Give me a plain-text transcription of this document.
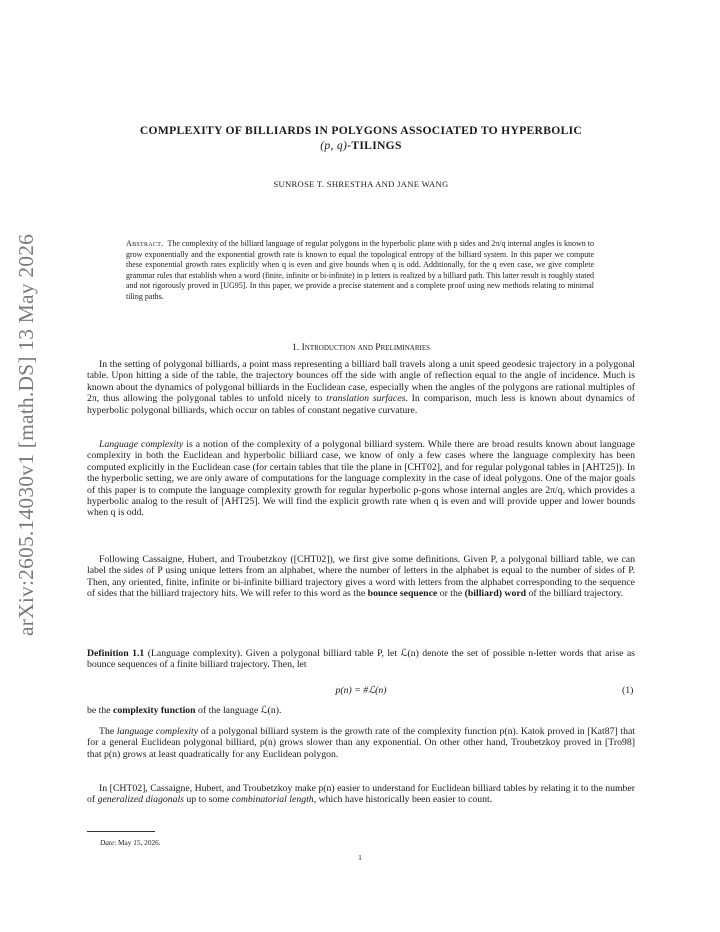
arXiv:2605.14030v1 [math.DS] 13 May 2026
COMPLEXITY OF BILLIARDS IN POLYGONS ASSOCIATED TO HYPERBOLIC
(p, q)-TILINGS
SUNROSE T. SHRESTHA AND JANE WANG
Abstract. The complexity of the billiard language of regular polygons in the hyperbolic plane with p sides and 2π/q internal angles is known to grow exponentially and the exponential growth rate is known to equal the topological entropy of the billiard system. In this paper we compute these exponential growth rates explicitly when q is even and give bounds when q is odd. Additionally, for the q even case, we give complete grammar rules that establish when a word (finite, infinite or bi-infinite) in p letters is realized by a billiard path. This latter result is roughly stated and not rigorously proved in [UG95]. In this paper, we provide a precise statement and a complete proof using new methods relating to minimal tiling paths.
1. Introduction and Preliminaries

In the setting of polygonal billiards, a point mass representing a billiard ball travels along a unit speed geodesic trajectory in a polygonal table. Upon hitting a side of the table, the trajectory bounces off the side with angle of reflection equal to the angle of incidence. Much is known about the dynamics of polygonal billiards in the Euclidean case, especially when the angles of the polygons are rational multiples of 2π, thus allowing the polygonal tables to unfold nicely to translation surfaces. In comparison, much less is known about dynamics of hyperbolic polygonal billiards, which occur on tables of constant negative curvature.

Language complexity is a notion of the complexity of a polygonal billiard system. While there are broad results known about language complexity in both the Euclidean and hyperbolic billiard case, we know of only a few cases where the language complexity has been computed explicitly in the Euclidean case (for certain tables that tile the plane in [CHT02], and for regular polygonal tables in [AHT25]). In the hyperbolic setting, we are only aware of computations for the language complexity in the case of ideal polygons. One of the major goals of this paper is to compute the language complexity growth for regular hyperbolic p-gons whose internal angles are 2π/q, which provides a hyperbolic analog to the result of [AHT25]. We will find the explicit growth rate when q is even and will provide upper and lower bounds when q is odd.

Following Cassaigne, Hubert, and Troubetzkoy ([CHT02]), we first give some definitions. Given P, a polygonal billiard table, we can label the sides of P using unique letters from an alphabet, where the number of letters in the alphabet is equal to the number of sides of P. Then, any oriented, finite, infinite or bi-infinite billiard trajectory gives a word with letters from the alphabet corresponding to the sequence of sides that the billiard trajectory hits. We will refer to this word as the bounce sequence or the (billiard) word of the billiard trajectory.

Definition 1.1 (Language complexity). Given a polygonal billiard table P, let ℒ(n) denote the set of possible n-letter words that arise as bounce sequences of a finite billiard trajectory. Then, let

p(n) = #ℒ(n)	(1)

be the complexity function of the language ℒ(n).

The language complexity of a polygonal billiard system is the growth rate of the complexity function p(n). Katok proved in [Kat87] that for a general Euclidean polygonal billiard, p(n) grows slower than any exponential. On other other hand, Troubetzkoy proved in [Tro98] that p(n) grows at least quadratically for any Euclidean polygon.

In [CHT02], Cassaigne, Hubert, and Troubetzkoy make p(n) easier to understand for Euclidean billiard tables by relating it to the number of generalized diagonals up to some combinatorial length, which have historically been easier to count.

Date: May 15, 2026.
1
